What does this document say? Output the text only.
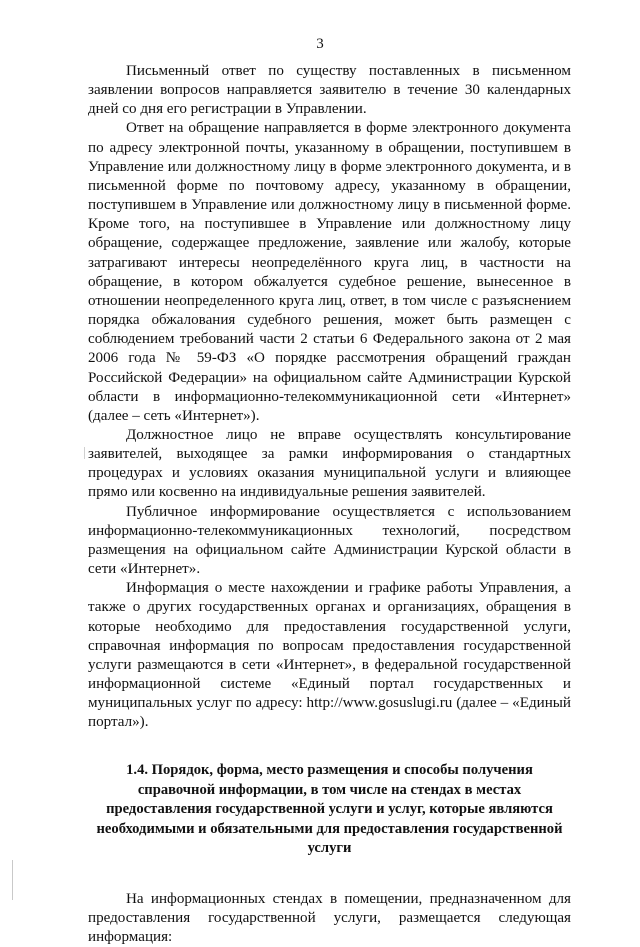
3

Письменный ответ по существу поставленных в письменном заявлении вопросов направляется заявителю в течение 30 календарных дней со дня его регистрации в Управлении.

Ответ на обращение направляется в форме электронного документа по адресу электронной почты, указанному в обращении, поступившем в Управление или должностному лицу в форме электронного документа, и в письменной форме по почтовому адресу, указанному в обращении, поступившем в Управление или должностному лицу в письменной форме. Кроме того, на поступившее в Управление или должностному лицу обращение, содержащее предложение, заявление или жалобу, которые затрагивают интересы неопределённого круга лиц, в частности на обращение, в котором обжалуется судебное решение, вынесенное в отношении неопределенного круга лиц, ответ, в том числе с разъяснением порядка обжалования судебного решения, может быть размещен с соблюдением требований части 2 статьи 6 Федерального закона от 2 мая 2006 года № 59-ФЗ «О порядке рассмотрения обращений граждан Российской Федерации» на официальном сайте Администрации Курской области в информационно-телекоммуникационной сети «Интернет» (далее – сеть «Интернет»).

Должностное лицо не вправе осуществлять консультирование заявителей, выходящее за рамки информирования о стандартных процедурах и условиях оказания муниципальной услуги и влияющее прямо или косвенно на индивидуальные решения заявителей.

Публичное информирование осуществляется с использованием информационно-телекоммуникационных технологий, посредством размещения на официальном сайте Администрации Курской области в сети «Интернет».

Информация о месте нахождении и графике работы Управления, а также о других государственных органах и организациях, обращения в которые необходимо для предоставления государственной услуги, справочная информация по вопросам предоставления государственной услуги размещаются в сети «Интернет», в федеральной государственной информационной системе «Единый портал государственных и муниципальных услуг по адресу: http://www.gosuslugi.ru (далее – «Единый портал»).

1.4. Порядок, форма, место размещения и способы получения справочной информации, в том числе на стендах в местах предоставления государственной услуги и услуг, которые являются необходимыми и обязательными для предоставления государственной услуги

На информационных стендах в помещении, предназначенном для предоставления государственной услуги, размещается следующая информация:
